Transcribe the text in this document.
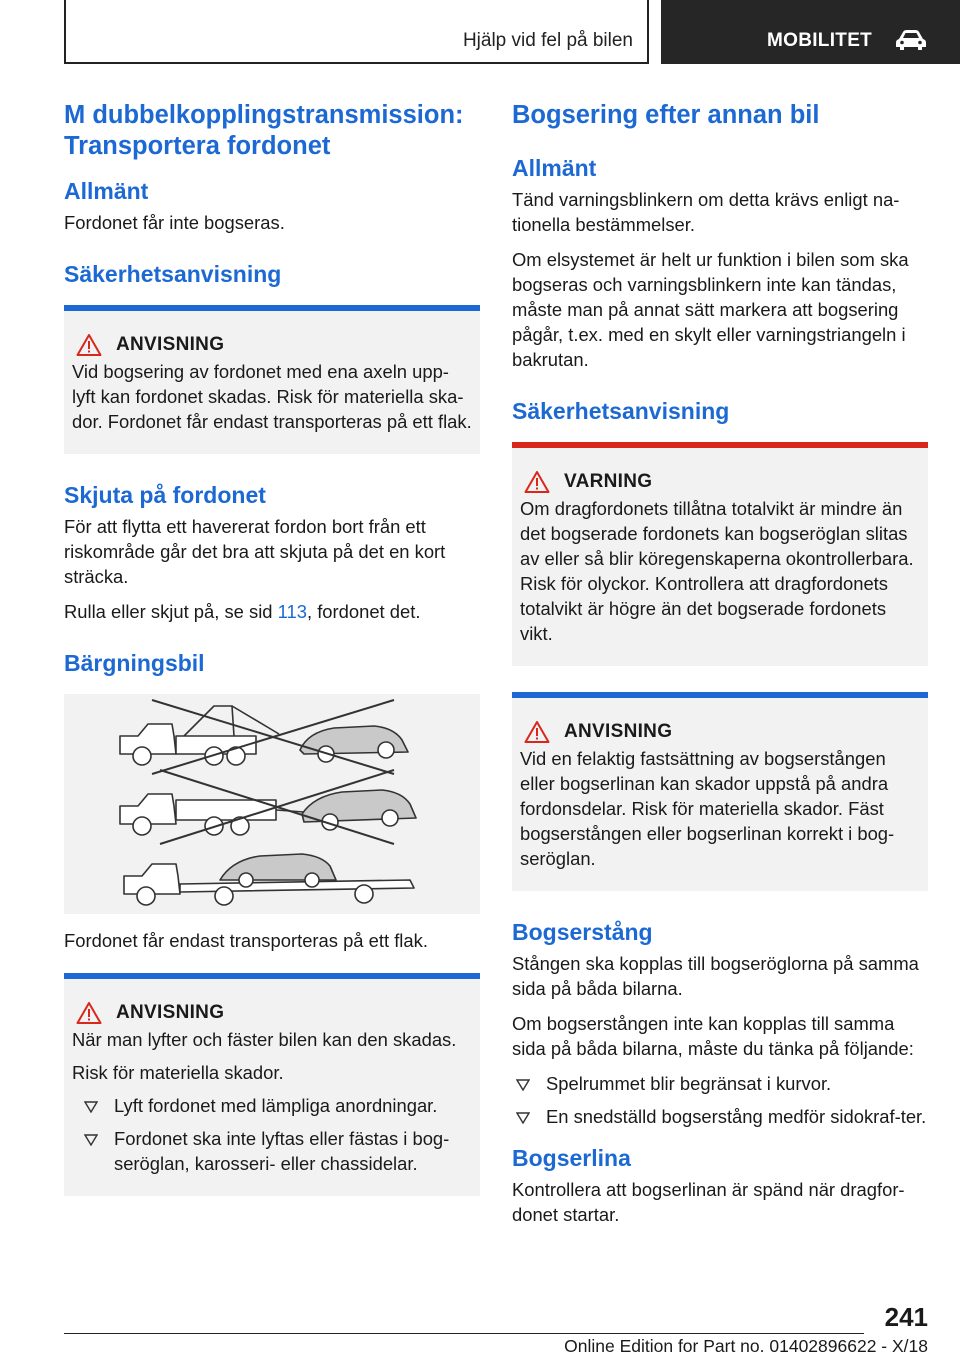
Hjälp vid fel på bilen	MOBILITET
M dubbelkopplingstransmission: Transportera fordonet
Allmänt

Fordonet får inte bogseras.

Säkerhetsanvisning
ANVISNING

Vid bogsering av fordonet med ena axeln upp-lyft kan fordonet skadas. Risk för materiella ska-dor. Fordonet får endast transporteras på ett flak.

Skjuta på fordonet

För att flytta ett havererat fordon bort från ett riskområde går det bra att skjuta på det en kort sträcka.

Rulla eller skjut på, se sid 113, fordonet det.

Bärgningsbil

Fordonet får endast transporteras på ett flak.

ANVISNING

När man lyfter och fäster bilen kan den skadas.

Risk för materiella skador.

Lyft fordonet med lämpliga anordningar.
Fordonet ska inte lyftas eller fästas i bog-seröglan, karosseri- eller chassidelar.
Bogsering efter annan bil
Allmänt

Tänd varningsblinkern om detta krävs enligt na-tionella bestämmelser.

Om elsystemet är helt ur funktion i bilen som ska bogseras och varningsblinkern inte kan tändas, måste man på annat sätt markera att bogsering pågår, t.ex. med en skylt eller varningstriangeln i bakrutan.

Säkerhetsanvisning
VARNING

Om dragfordonets tillåtna totalvikt är mindre än det bogserade fordonets kan bogseröglan slitas av eller så blir köregenskaperna okontrollerbara. Risk för olyckor. Kontrollera att dragfordonets totalvikt är högre än det bogserade fordonets vikt.

ANVISNING

Vid en felaktig fastsättning av bogserstången eller bogserlinan kan skador uppstå på andra fordonsdelar. Risk för materiella skador. Fäst bogserstången eller bogserlinan korrekt i bog-seröglan.

Bogserstång

Stången ska kopplas till bogseröglorna på samma sida på båda bilarna.

Om bogserstången inte kan kopplas till samma sida på båda bilarna, måste du tänka på följande:

Spelrummet blir begränsat i kurvor.
En snedställd bogserstång medför sidokraf-ter.
Bogserlina

Kontrollera att bogserlinan är spänd när dragfor-donet startar.

241
Online Edition for Part no. 01402896622 - X/18
